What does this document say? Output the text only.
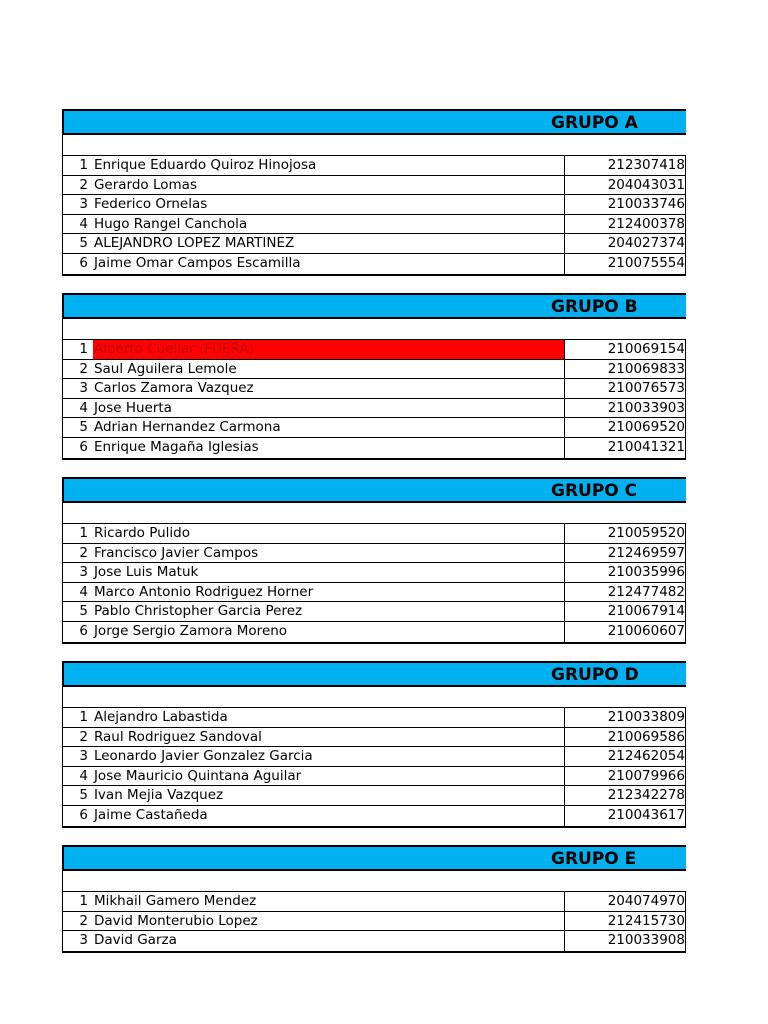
GRUPO A
1 Enrique Eduardo Quiroz Hinojosa	212307418
2 Gerardo Lomas	204043031
3 Federico Ornelas	210033746
4 Hugo Rangel Canchola	212400378
5 ALEJANDRO LOPEZ MARTINEZ	204027374
6 Jaime Omar Campos Escamilla	210075554
GRUPO B
1 Alberto Cuellar (FUERA)	210069154
2 Saul Aguilera Lemole	210069833
3 Carlos Zamora Vazquez	210076573
4 Jose Huerta	210033903
5 Adrian Hernandez Carmona	210069520
6 Enrique Magaña Iglesias	210041321
GRUPO C
1 Ricardo Pulido	210059520
2 Francisco Javier Campos	212469597
3 Jose Luis Matuk	210035996
4 Marco Antonio Rodriguez Horner	212477482
5 Pablo Christopher Garcia Perez	210067914
6 Jorge Sergio Zamora Moreno	210060607
GRUPO D
1 Alejandro Labastida	210033809
2 Raul Rodriguez Sandoval	210069586
3 Leonardo Javier Gonzalez Garcia	212462054
4 Jose Mauricio Quintana Aguilar	210079966
5 Ivan Mejia Vazquez	212342278
6 Jaime Castañeda	210043617
GRUPO E
1 Mikhail Gamero Mendez	204074970
2 David Monterubio Lopez	212415730
3 David Garza	210033908
